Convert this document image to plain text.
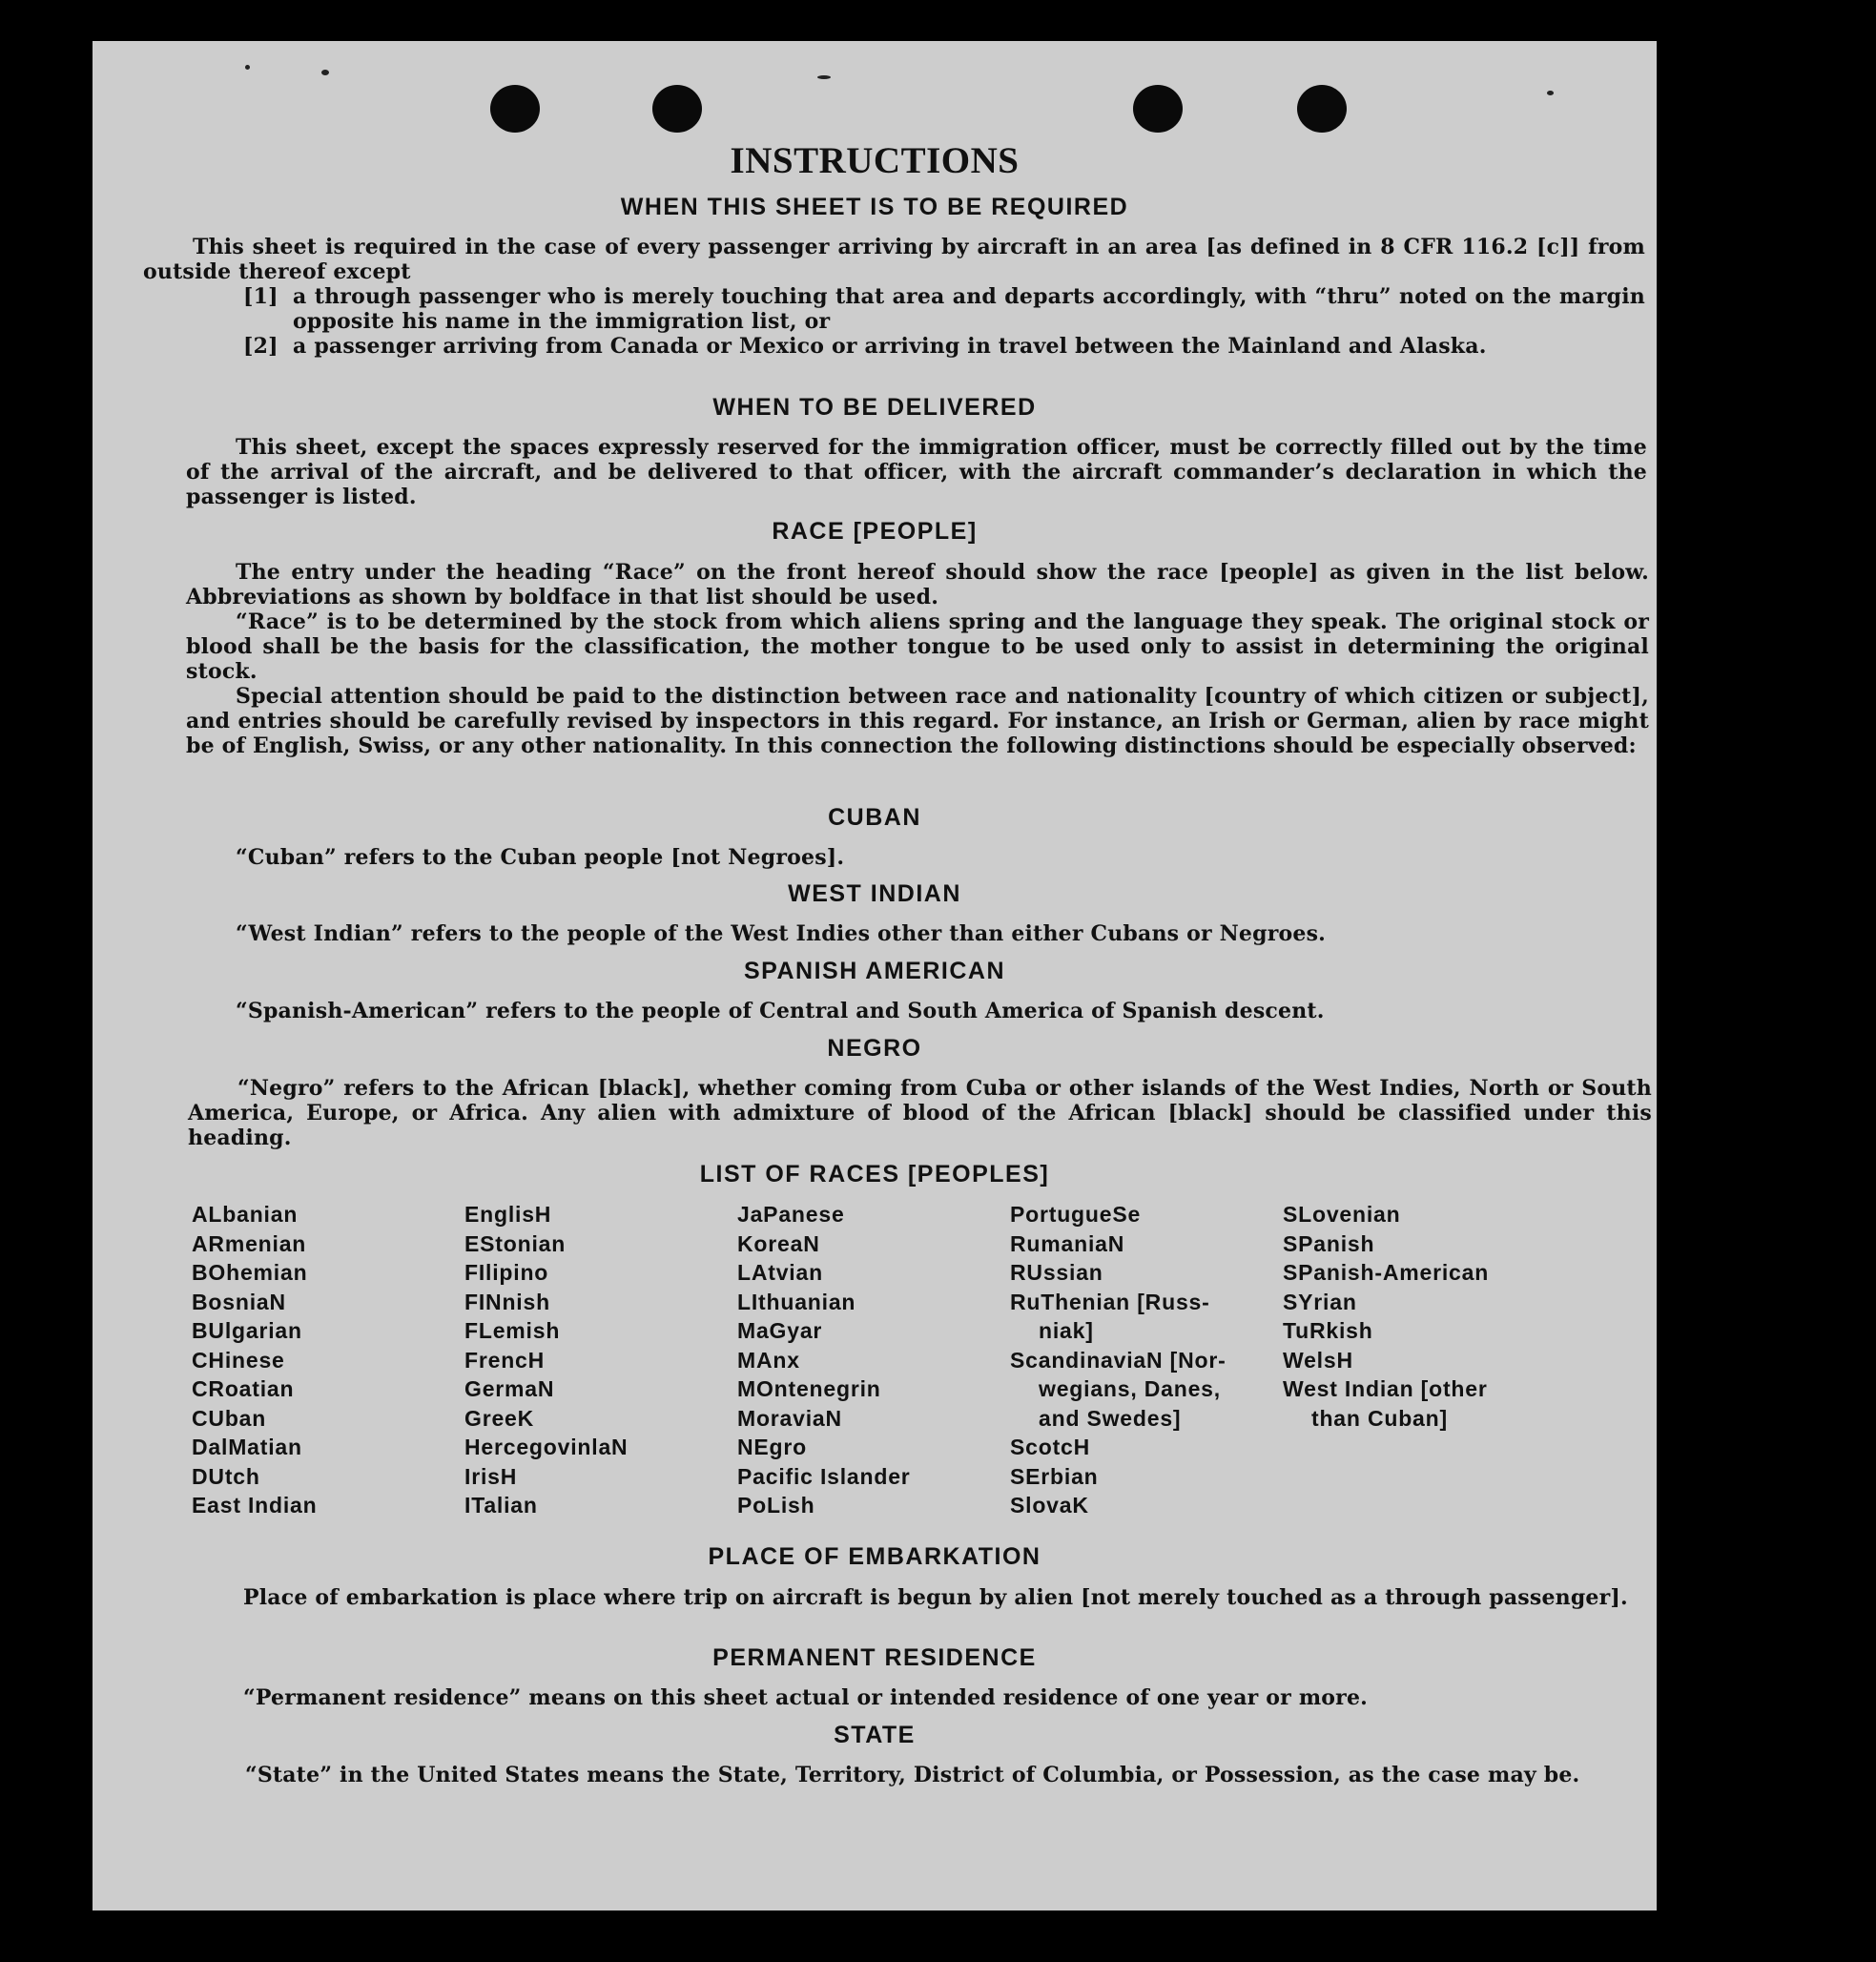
INSTRUCTIONS
WHEN THIS SHEET IS TO BE REQUIRED

This sheet is required in the case of every passenger arriving by aircraft in an area [as defined in 8 CFR 116.2 [c]] from outside thereof except

[1] a through passenger who is merely touching that area and departs accordingly, with “thru” noted on the margin opposite his name in the immigration list, or
[2] a passenger arriving from Canada or Mexico or arriving in travel between the Mainland and Alaska.
WHEN TO BE DELIVERED

This sheet, except the spaces expressly reserved for the immigration officer, must be correctly filled out by the time of the arrival of the aircraft, and be delivered to that officer, with the aircraft commander’s declaration in which the passenger is listed.

RACE [PEOPLE]

The entry under the heading “Race” on the front hereof should show the race [people] as given in the list below. Abbreviations as shown by boldface in that list should be used.

“Race” is to be determined by the stock from which aliens spring and the language they speak. The original stock or blood shall be the basis for the classification, the mother tongue to be used only to assist in determining the original stock.

Special attention should be paid to the distinction between race and nationality [country of which citizen or subject], and entries should be carefully revised by inspectors in this regard. For instance, an Irish or German, alien by race might be of English, Swiss, or any other nationality. In this connection the following distinctions should be especially observed:

CUBAN
“Cuban” refers to the Cuban people [not Negroes].
WEST INDIAN
“West Indian” refers to the people of the West Indies other than either Cubans or Negroes.
SPANISH AMERICAN
“Spanish-American” refers to the people of Central and South America of Spanish descent.
NEGRO

“Negro” refers to the African [black], whether coming from Cuba or other islands of the West Indies, North or South America, Europe, or Africa. Any alien with admixture of blood of the African [black] should be classified under this heading.

LIST OF RACES [PEOPLES]
ALbanian
ARmenian
BOhemian
BosniaN
BUlgarian
CHinese
CRoatian
CUban
DalMatian
DUtch
East Indian
EnglisH
EStonian
FIlipino
FINnish
FLemish
FrencH
GermaN
GreeK
HercegovinlaN
IrisH
ITalian
JaPanese
KoreaN
LAtvian
LIthuanian
MaGyar
MAnx
MOntenegrin
MoraviaN
NEgro
Pacific Islander
PoLish
PortugueSe
RumaniaN
RUssian
RuThenian [Russ-
niak]
ScandinaviaN [Nor-
wegians, Danes,
and Swedes]
ScotcH
SErbian
SlovaK
SLovenian
SPanish
SPanish-American
SYrian
TuRkish
WelsH
West Indian [other
than Cuban]
PLACE OF EMBARKATION

Place of embarkation is place where trip on aircraft is begun by alien [not merely touched as a through passenger].

PERMANENT RESIDENCE
“Permanent residence” means on this sheet actual or intended residence of one year or more.
STATE

“State” in the United States means the State, Territory, District of Columbia, or Possession, as the case may be.
